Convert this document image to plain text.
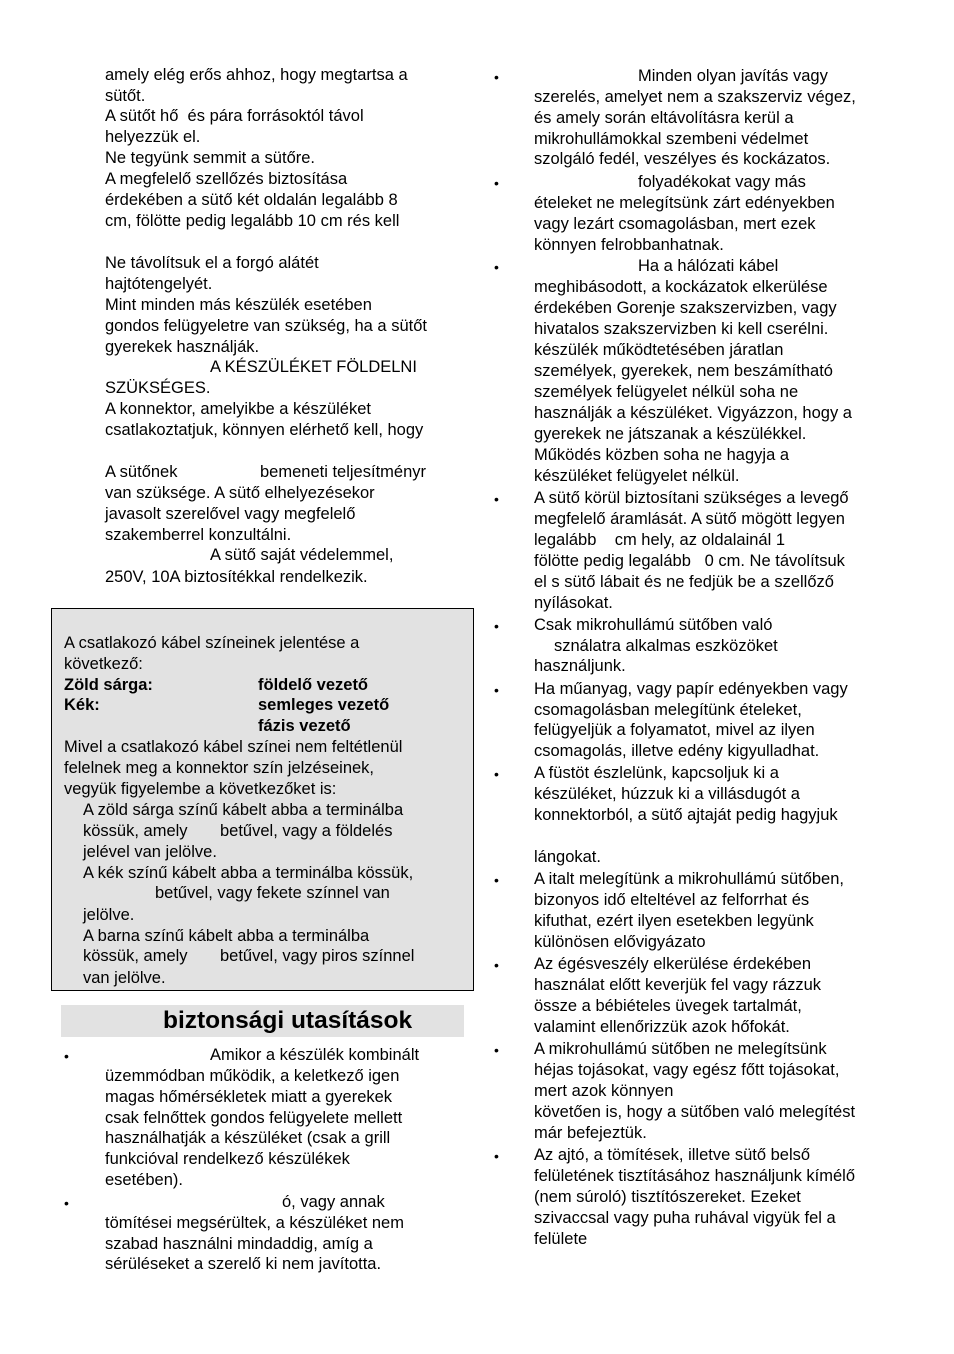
amely elég erős ahhoz, hogy megtartsa a
sütőt.
A sütőt hő  és pára forrásoktól távol
helyezzük el.
Ne tegyünk semmit a sütőre.
A megfelelő szellőzés biztosítása
érdekében a sütő két oldalán legalább 8
cm, fölötte pedig legalább 10 cm rés kell
Ne távolítsuk el a forgó alátét
hajtótengelyét.
Mint minden más készülék esetében
gondos felügyeletre van szükség, ha a sütőt
gyerekek használják.
A KÉSZÜLÉKET FÖLDELNI
SZÜKSÉGES.
A konnektor, amelyikbe a készüléket
csatlakoztatjuk, könnyen elérhető kell, hogy
A sütőnek	bemeneti teljesítményr
van szüksége. A sütő elhelyezésekor
javasolt szerelővel vagy megfelelő
szakemberrel konzultálni.
A sütő saját védelemmel,
250V, 10A biztosítékkal rendelkezik.
A csatlakozó kábel színeinek jelentése a
következő:
Zöld sárga:	földelő vezető
Kék:	semleges vezető
fázis vezető
Mivel a csatlakozó kábel színei nem feltétlenül
felelnek meg a konnektor szín jelzéseinek,
vegyük figyelembe a következőket is:
A zöld sárga színű kábelt abba a terminálba
kössük, amely betűvel, vagy a földelés
jelével van jelölve.
A kék színű kábelt abba a terminálba kössük,
betűvel, vagy fekete színnel van
jelölve.
A barna színű kábelt abba a terminálba
kössük, amely betűvel, vagy piros színnel
van jelölve.
biztonsági utasítások
•	Amikor a készülék kombinált
üzemmódban működik, a keletkező igen
magas hőmérsékletek miatt a gyerekek
csak felnőttek gondos felügyelete mellett
használhatják a készüléket (csak a grill
funkcióval rendelkező készülékek
esetében).
•	ó, vagy annak
tömítései megsérültek, a készüléket nem
szabad használni mindaddig, amíg a
sérüléseket a szerelő ki nem javította.
•
•
•
•
•
•
•
•
•
•
•
Minden olyan javítás vagy
szerelés, amelyet nem a szakszerviz végez,
és amely során eltávolításra kerül a
mikrohullámokkal szembeni védelmet
szolgáló fedél, veszélyes és kockázatos.
folyadékokat vagy más
ételeket ne melegítsünk zárt edényekben
vagy lezárt csomagolásban, mert ezek
könnyen felrobbanhatnak.
Ha a hálózati kábel
meghibásodott, a kockázatok elkerülése
érdekében Gorenje szakszervizben, vagy
hivatalos szakszervizben ki kell cserélni.
készülék működtetésében járatlan
személyek, gyerekek, nem beszámítható
személyek felügyelet nélkül soha ne
használják a készüléket. Vigyázzon, hogy a
gyerekek ne játszanak a készülékkel.
Működés közben soha ne hagyja a
készüléket felügyelet nélkül.
A sütő körül biztosítani szükséges a levegő
megfelelő áramlását. A sütő mögött legyen
legalább    cm hely, az oldalainál 1
fölötte pedig legalább   0 cm. Ne távolítsuk
el s sütő lábait és ne fedjük be a szellőző
nyílásokat.
Csak mikrohullámú sütőben való
sználatra alkalmas eszközöket
használjunk.
Ha műanyag, vagy papír edényekben vagy
csomagolásban melegítünk ételeket,
felügyeljük a folyamatot, mivel az ilyen
csomagolás, illetve edény kigyulladhat.
A füstöt észlelünk, kapcsoljuk ki a
készüléket, húzzuk ki a villásdugót a
konnektorból, a sütő ajtaját pedig hagyjuk
lángokat.
A italt melegítünk a mikrohullámú sütőben,
bizonyos idő elteltével az felforrhat és
kifuthat, ezért ilyen esetekben legyünk
különösen elővigyázato
Az égésveszély elkerülése érdekében
használat előtt keverjük fel vagy rázzuk
össze a bébiételes üvegek tartalmát,
valamint ellenőrizzük azok hőfokát.
A mikrohullámú sütőben ne melegítsünk
héjas tojásokat, vagy egész főtt tojásokat,
mert azok könnyen
követően is, hogy a sütőben való melegítést
már befejeztük.
Az ajtó, a tömítések, illetve sütő belső
felületének tisztításához használjunk kímélő
(nem súroló) tisztítószereket. Ezeket
szivaccsal vagy puha ruhával vigyük fel a
felülete
